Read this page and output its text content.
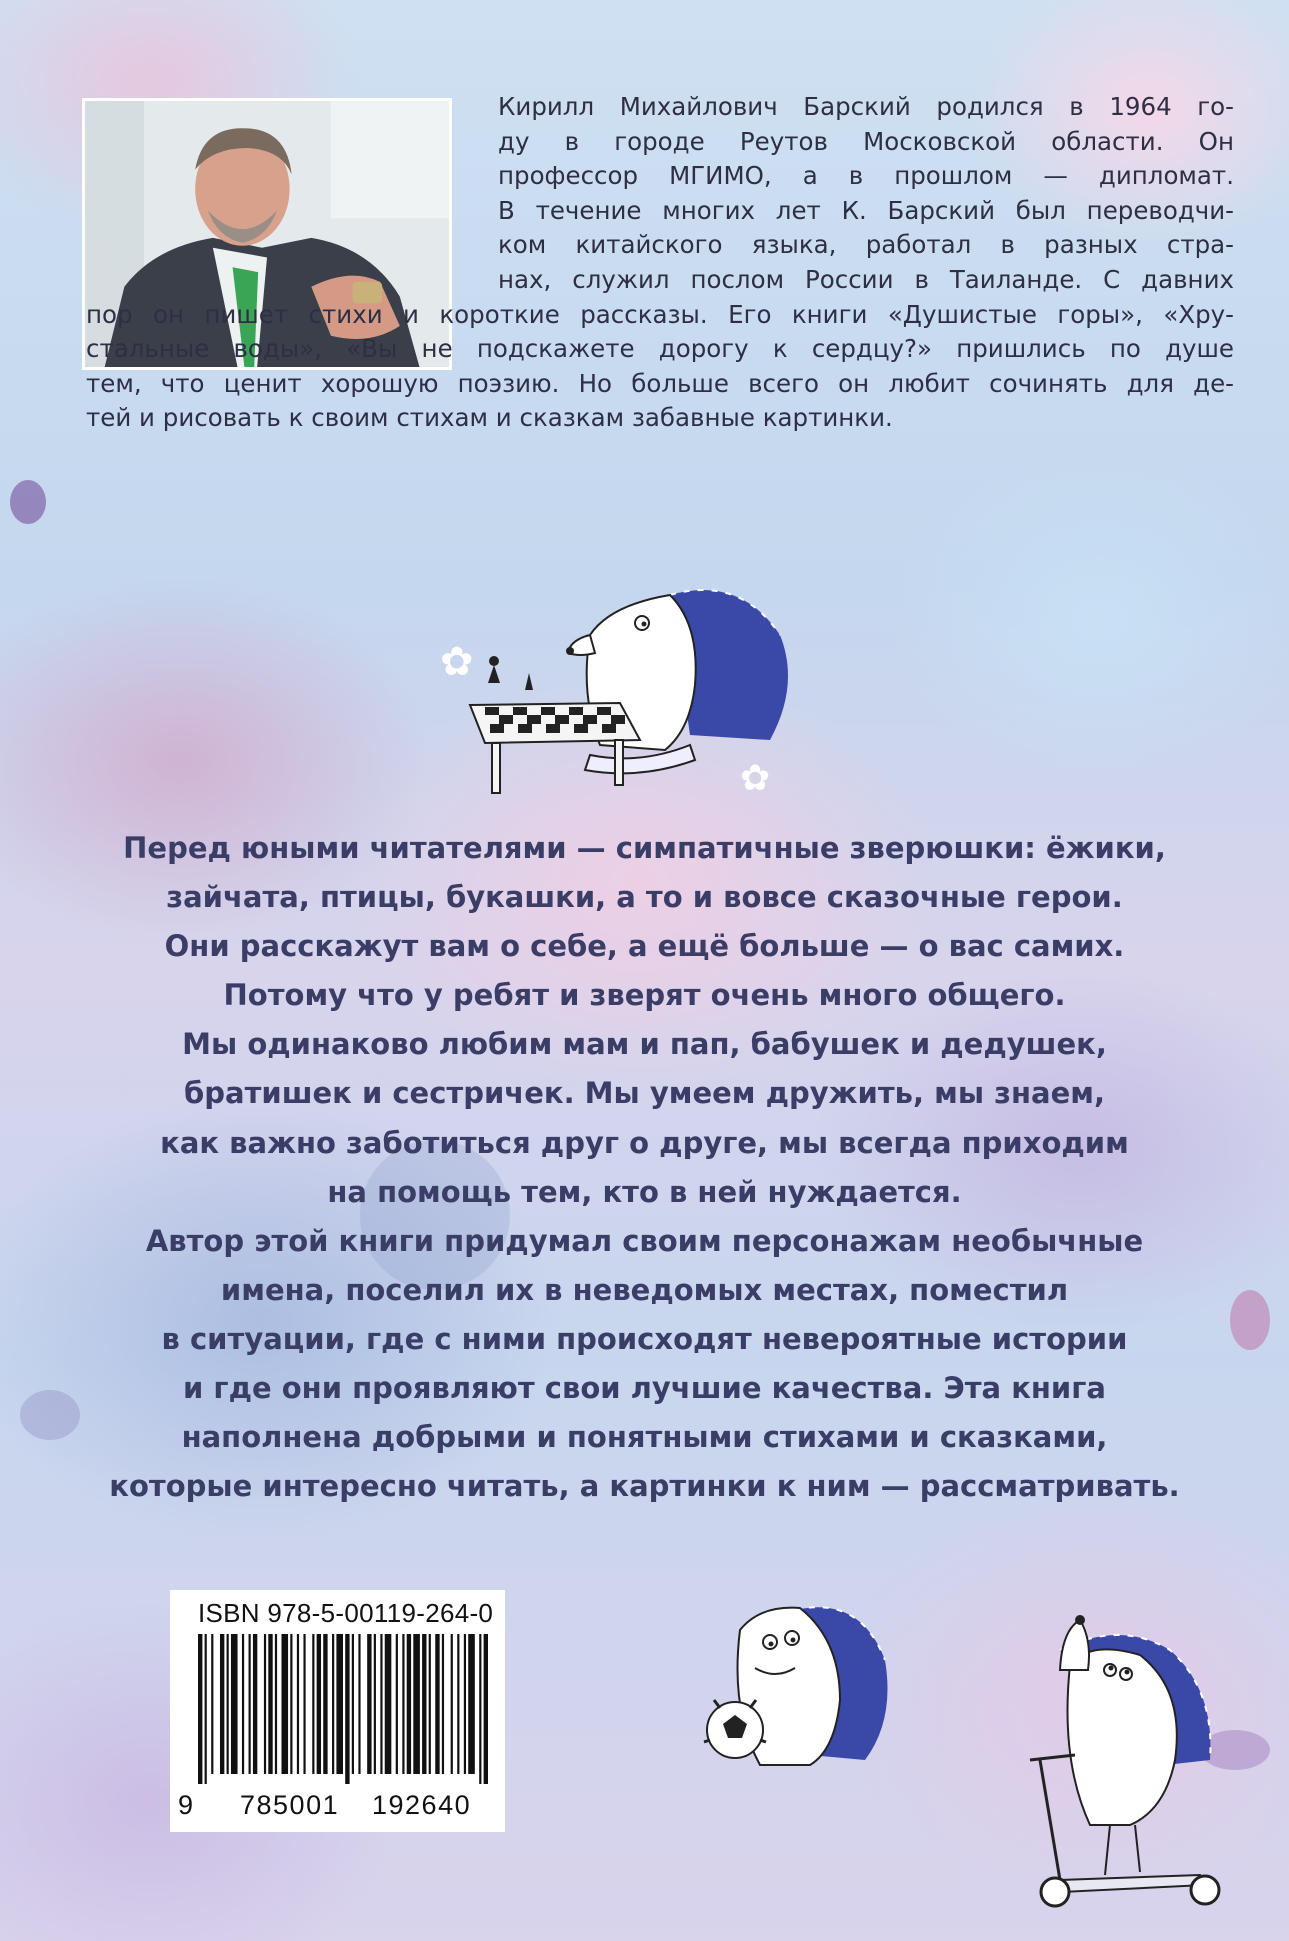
Кирилл Михайлович Барский родился в 1964 го-
ду в городе Реутов Московской области. Он
профессор МГИМО, а в прошлом — дипломат.
В течение многих лет К. Барский был переводчи-
ком китайского языка, работал в разных стра-
нах, служил послом России в Таиланде. С давних
пор он пишет стихи и короткие рассказы. Его книги «Душистые горы», «Хру-
стальные воды», «Вы не подскажете дорогу к сердцу?» пришлись по душе
тем, что ценит хорошую поэзию. Но больше всего он любит сочинять для де-
тей и рисовать к своим стихам и сказкам забавные картинки.
✿
✿
Перед юными читателями — симпатичные зверюшки: ёжики,
зайчата, птицы, букашки, а то и вовсе сказочные герои.
Они расскажут вам о себе, а ещё больше — о вас самих.
Потому что у ребят и зверят очень много общего.
Мы одинаково любим мам и пап, бабушек и дедушек,
братишек и сестричек. Мы умеем дружить, мы знаем,
как важно заботиться друг о друге, мы всегда приходим
на помощь тем, кто в ней нуждается.
Автор этой книги придумал своим персонажам необычные
имена, поселил их в неведомых местах, поместил
в ситуации, где с ними происходят невероятные истории
и где они проявляют свои лучшие качества. Эта книга
наполнена добрыми и понятными стихами и сказками,
которые интересно читать, а картинки к ним — рассматривать.
ISBN 978-5-00119-264-0
9 785001 192640
